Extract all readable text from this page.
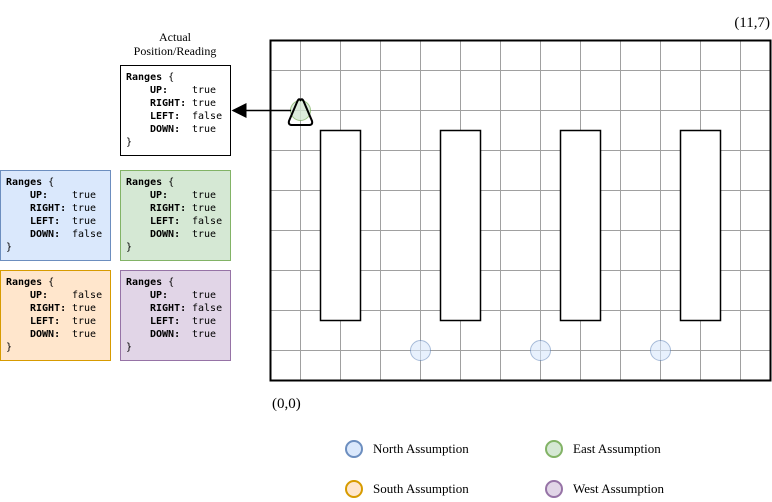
Actual
Position/Reading
Ranges {
UP:	true
RIGHT: true
LEFT:	false
DOWN:	true
}
Ranges {
UP:	true
RIGHT: true
LEFT:	true
DOWN:	false
}
Ranges {
UP:	true
RIGHT: true
LEFT:	false
DOWN:	true
}
Ranges {
UP:	false
RIGHT: true
LEFT:	true
DOWN:	true
}
Ranges {
UP:	true
RIGHT: false
LEFT:	true
DOWN:	true
}
(11,7)
(0,0)
North Assumption	East Assumption
South Assumption	West Assumption
